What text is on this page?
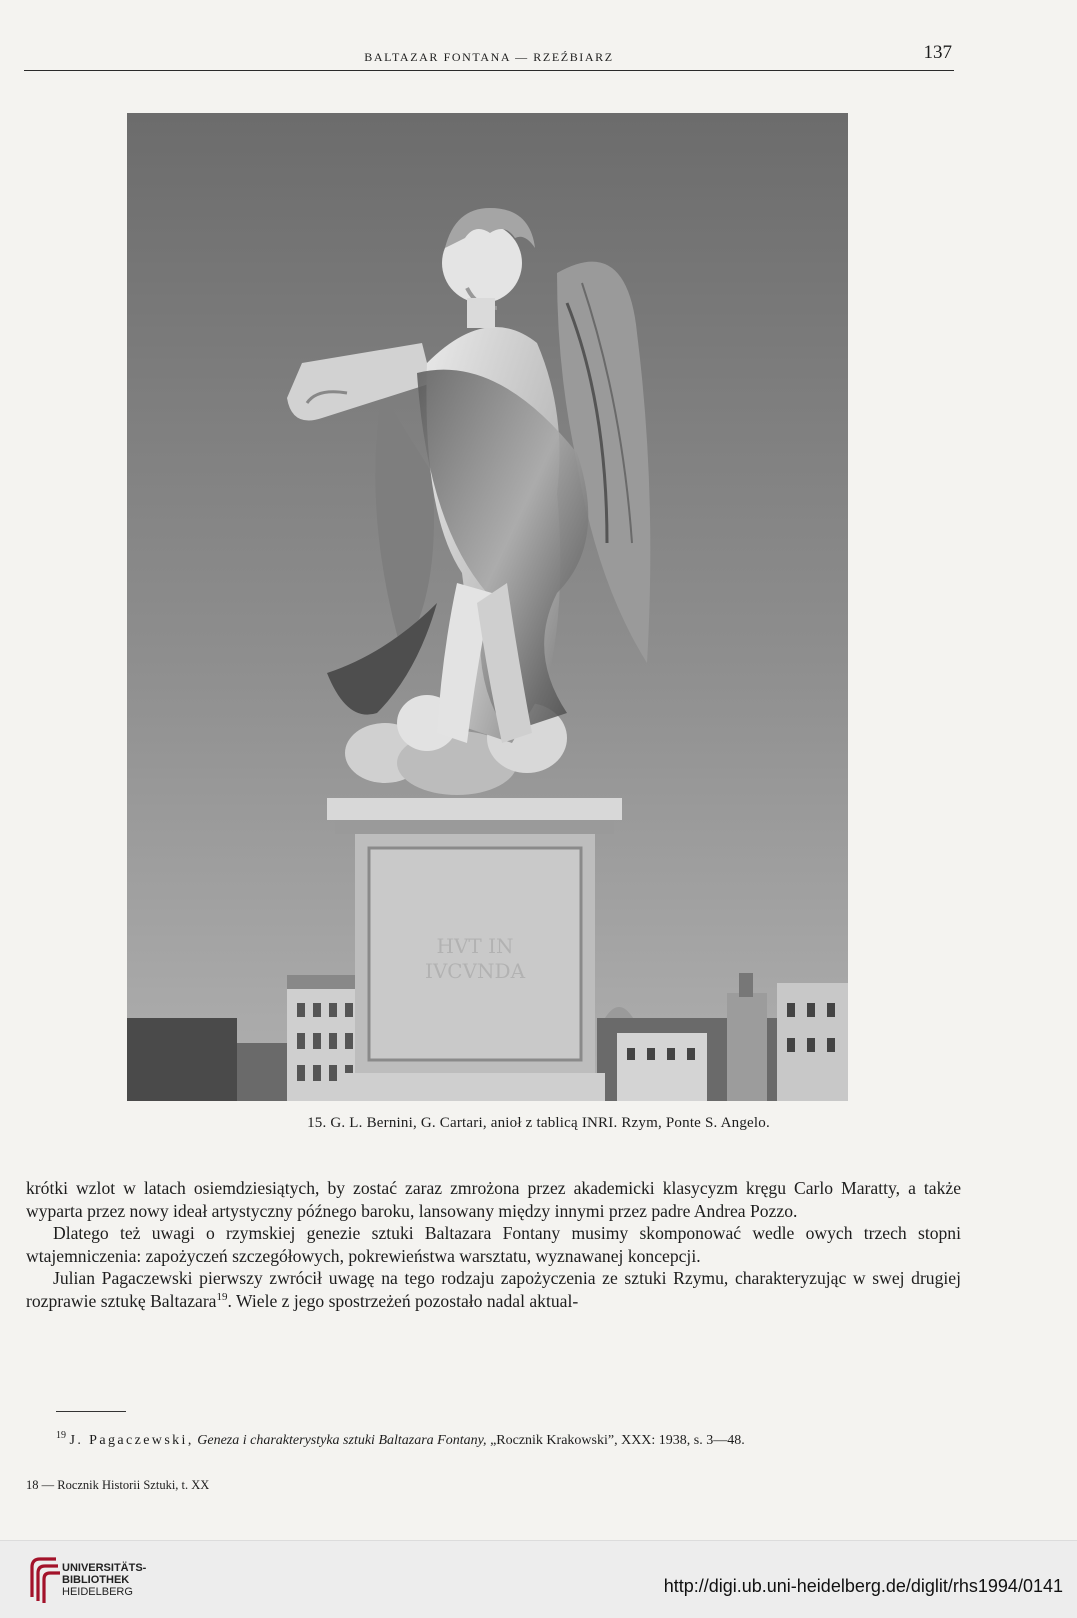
BALTAZAR FONTANA — RZEŹBIARZ	137
HVT IN
IVCVNDA
15. G. L. Bernini, G. Cartari, anioł z tablicą INRI. Rzym, Ponte S. Angelo.

krótki wzlot w latach osiemdziesiątych, by zostać zaraz zmrożona przez akademicki klasycyzm kręgu Carlo Maratty, a także wyparta przez nowy ideał artystyczny późnego baroku, lansowany między innymi przez padre Andrea Pozzo.

Dlatego też uwagi o rzymskiej genezie sztuki Baltazara Fontany musimy skomponować wedle owych trzech stopni wtajemniczenia: zapożyczeń szczegółowych, pokrewieństwa warsztatu, wyznawanej koncepcji.

Julian Pagaczewski pierwszy zwrócił uwagę na tego rodzaju zapożyczenia ze sztuki Rzymu, charakteryzując w swej drugiej rozprawie sztukę Baltazara$^{19}$. Wiele z jego spostrzeżeń pozostało nadal aktual-

$^{19}$ J. Pagaczewski, Geneza i charakterystyka sztuki Baltazara Fontany, „Rocznik Krakowski”, XXX: 1938, s. 3—48.
18 — Rocznik Historii Sztuki, t. XX
UNIVERSITÄTS-
BIBLIOTHEK
HEIDELBERG	http://digi.ub.uni-heidelberg.de/diglit/rhs1994/0141
